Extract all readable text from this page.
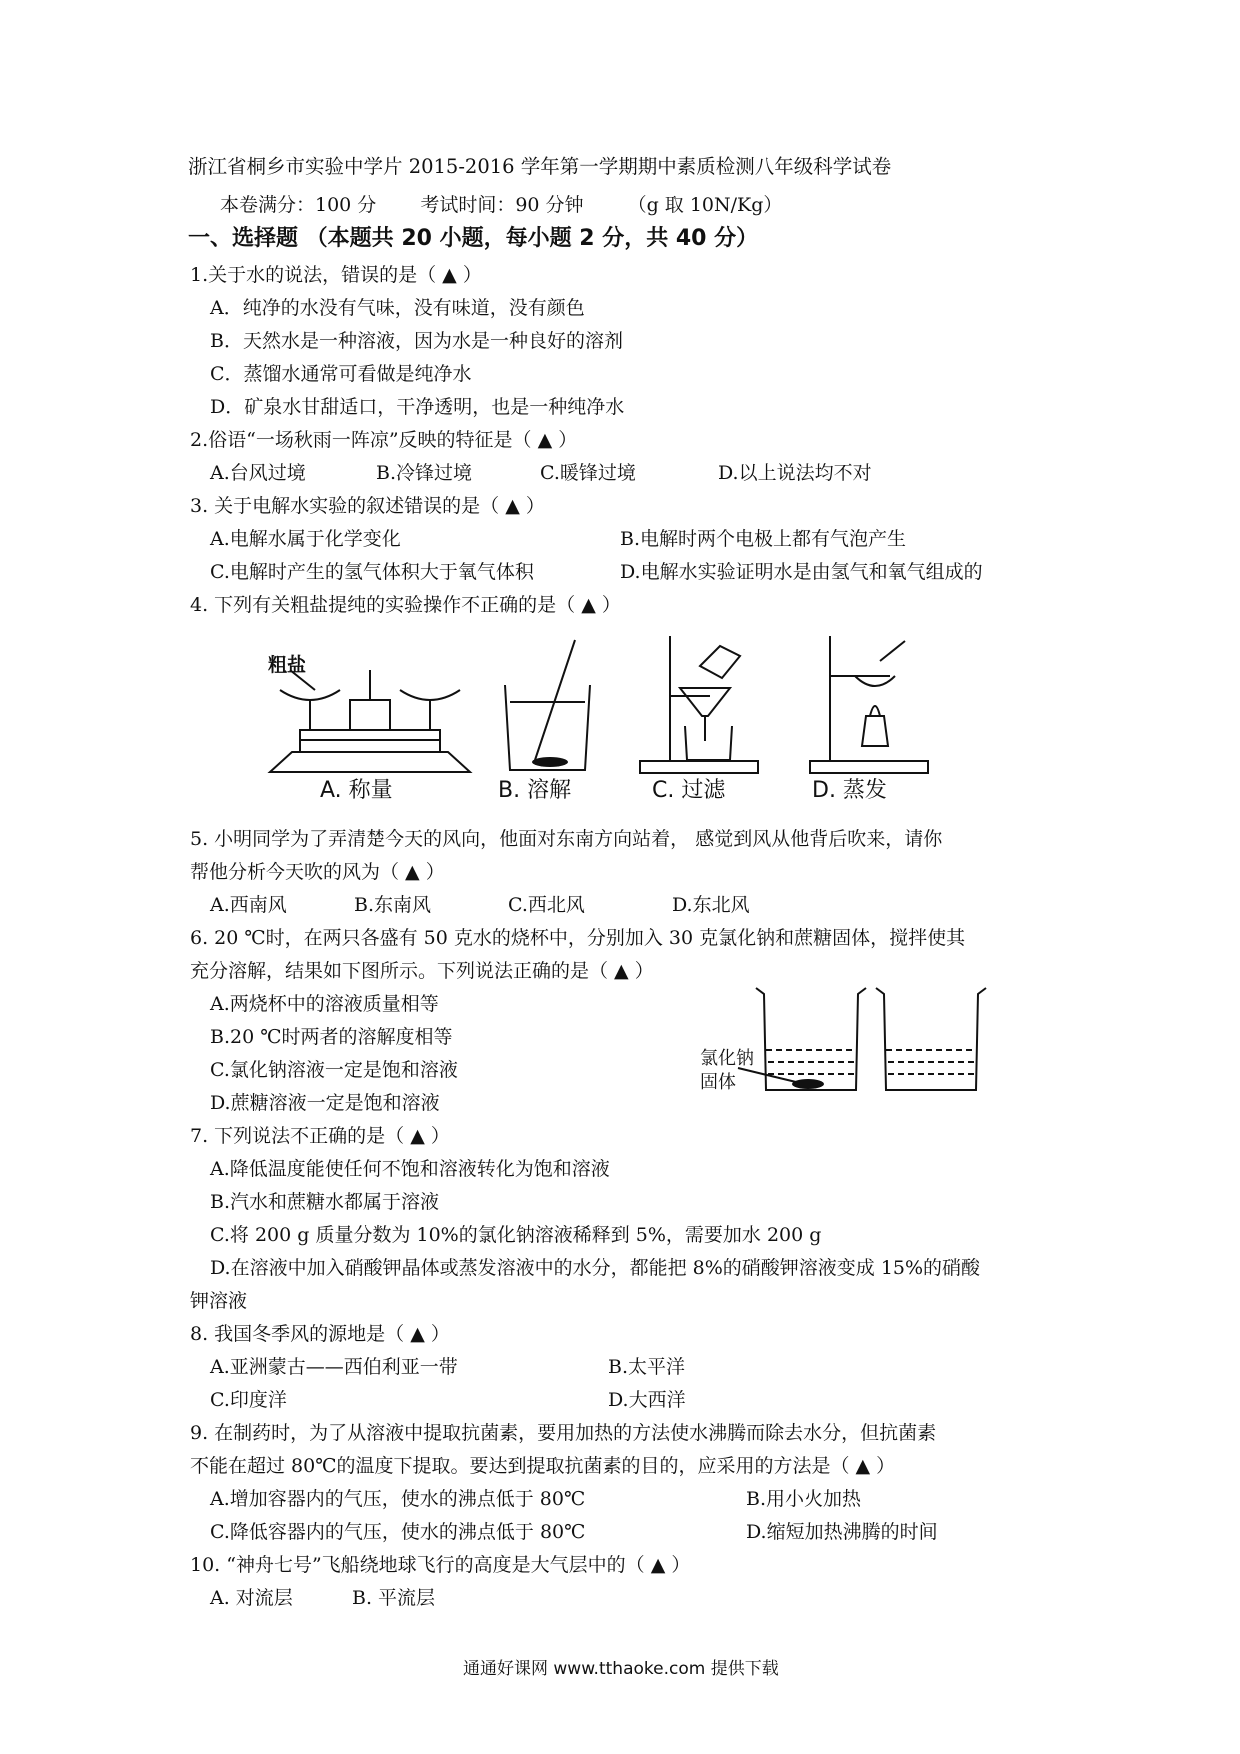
浙江省桐乡市实验中学片 2015-2016 学年第一学期期中素质检测八年级科学试卷
本卷满分：100 分　　 考试时间：90 分钟　　 （g 取 10N/Kg）
一、选择题 （本题共 20 小题，每小题 2 分，共 40 分）
1.关于水的说法，错误的是（ ▲ ）
A．纯净的水没有气味，没有味道，没有颜色
B．天然水是一种溶液，因为水是一种良好的溶剂
C．蒸馏水通常可看做是纯净水
D．矿泉水甘甜适口，干净透明，也是一种纯净水
2.俗语“一场秋雨一阵凉”反映的特征是（ ▲ ）
A.台风过境	B.冷锋过境	C.暖锋过境	D.以上说法均不对
3. 关于电解水实验的叙述错误的是（ ▲ ）
A.电解水属于化学变化	B.电解时两个电极上都有气泡产生
C.电解时产生的氢气体积大于氧气体积	D.电解水实验证明水是由氢气和氧气组成的
4. 下列有关粗盐提纯的实验操作不正确的是（ ▲ ）
粗盐
A. 称量	B. 溶解	C. 过滤	D. 蒸发
5. 小明同学为了弄清楚今天的风向，他面对东南方向站着， 感觉到风从他背后吹来，请你
帮他分析今天吹的风为（ ▲ ）
A.西南风	B.东南风	C.西北风	D.东北风
6. 20 ℃时，在两只各盛有 50 克水的烧杯中，分别加入 30 克氯化钠和蔗糖固体，搅拌使其
充分溶解，结果如下图所示。下列说法正确的是（ ▲ ）
A.两烧杯中的溶液质量相等
B.20 ℃时两者的溶解度相等
C.氯化钠溶液一定是饱和溶液
D.蔗糖溶液一定是饱和溶液
氯化钠
固体
7. 下列说法不正确的是（ ▲ ）
A.降低温度能使任何不饱和溶液转化为饱和溶液
B.汽水和蔗糖水都属于溶液
C.将 200 g 质量分数为 10%的氯化钠溶液稀释到 5%，需要加水 200 g
D.在溶液中加入硝酸钾晶体或蒸发溶液中的水分，都能把 8%的硝酸钾溶液变成 15%的硝酸
钾溶液
8. 我国冬季风的源地是（ ▲ ）
A.亚洲蒙古——西伯利亚一带	B.太平洋
C.印度洋	D.大西洋
9. 在制药时，为了从溶液中提取抗菌素，要用加热的方法使水沸腾而除去水分，但抗菌素
不能在超过 80℃的温度下提取。要达到提取抗菌素的目的，应采用的方法是（ ▲ ）
A.增加容器内的气压，使水的沸点低于 80℃	B.用小火加热
C.降低容器内的气压，使水的沸点低于 80℃	D.缩短加热沸腾的时间
10. “神舟七号”飞船绕地球飞行的高度是大气层中的（ ▲ ）
A. 对流层	B. 平流层
通通好课网 www.tthaoke.com 提供下载
